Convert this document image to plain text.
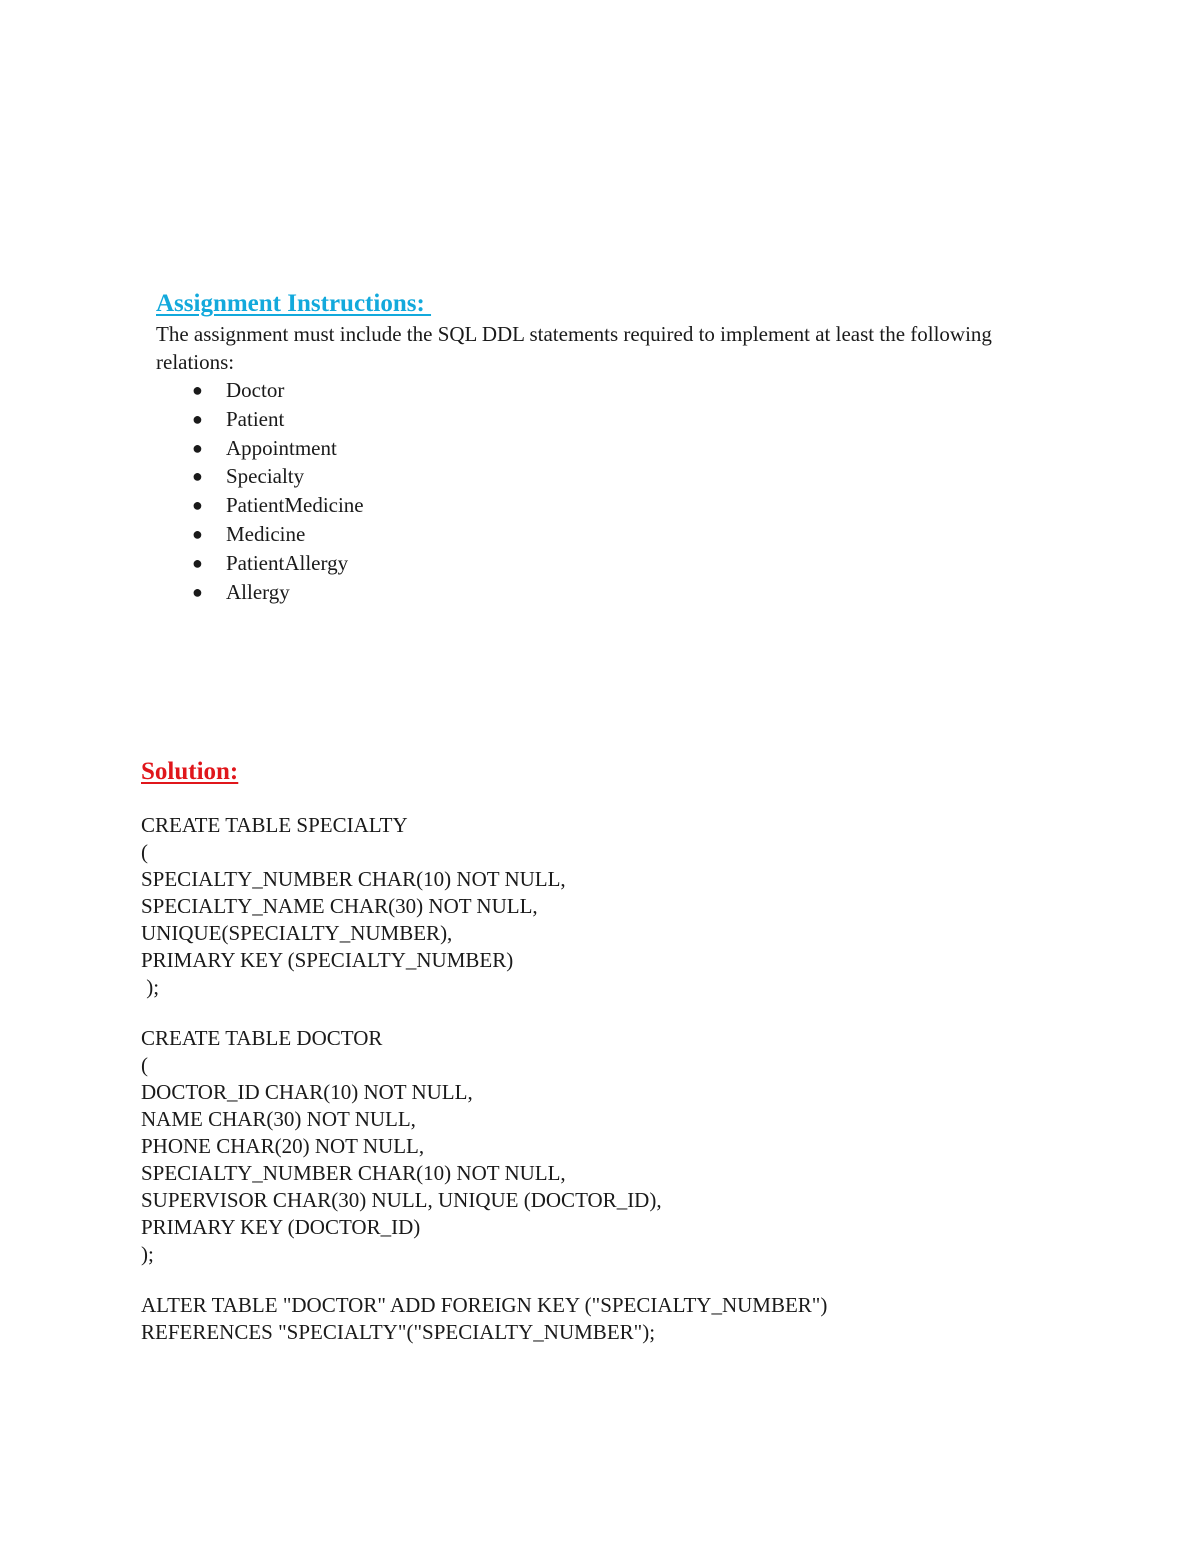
Assignment Instructions:

The assignment must include the SQL DDL statements required to implement at least the following relations:

● Doctor
● Patient
● Appointment
● Specialty
● PatientMedicine
● Medicine
● PatientAllergy
● Allergy
Solution:

CREATE TABLE SPECIALTY

(

SPECIALTY_NUMBER CHAR(10) NOT NULL,

SPECIALTY_NAME CHAR(30) NOT NULL,

UNIQUE(SPECIALTY_NUMBER),

PRIMARY KEY (SPECIALTY_NUMBER)

);

CREATE TABLE DOCTOR

(

DOCTOR_ID CHAR(10) NOT NULL,

NAME CHAR(30) NOT NULL,

PHONE CHAR(20) NOT NULL,

SPECIALTY_NUMBER CHAR(10) NOT NULL,

SUPERVISOR CHAR(30) NULL, UNIQUE (DOCTOR_ID),

PRIMARY KEY (DOCTOR_ID)

);

ALTER TABLE "DOCTOR" ADD FOREIGN KEY ("SPECIALTY_NUMBER")

REFERENCES "SPECIALTY"("SPECIALTY_NUMBER");
